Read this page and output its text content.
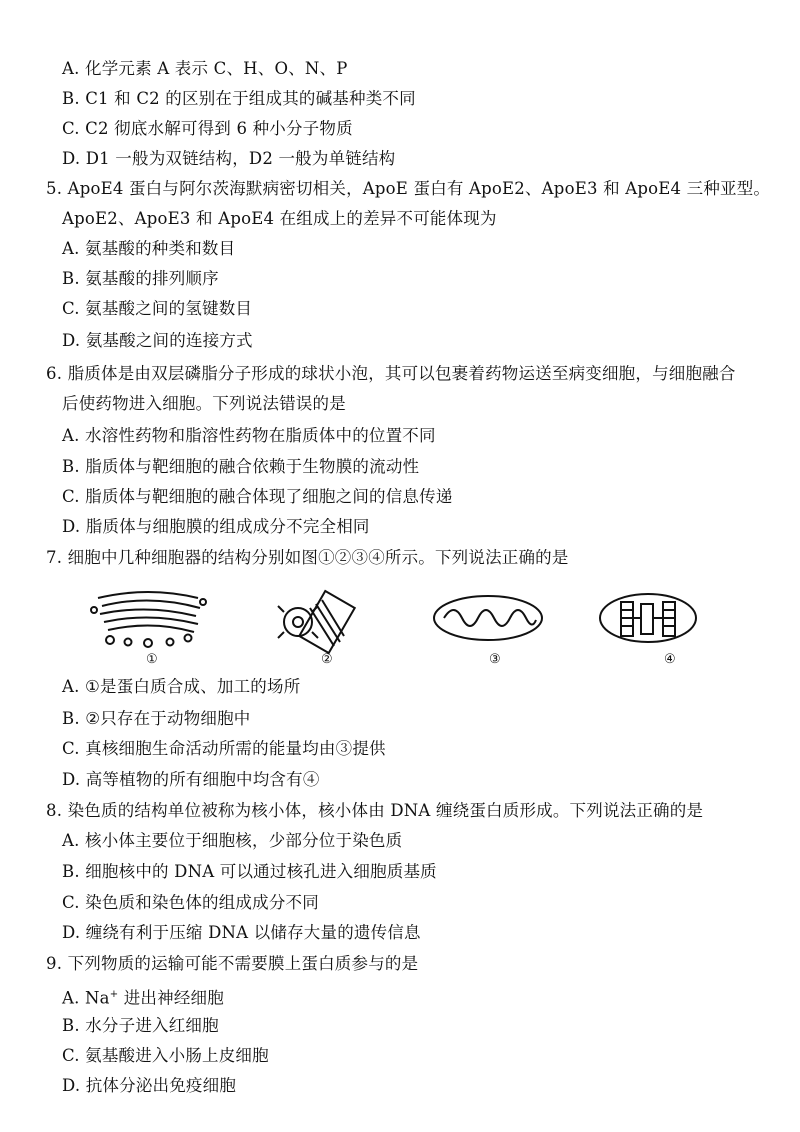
A. 化学元素 A 表示 C、H、O、N、P
B. C1 和 C2 的区别在于组成其的碱基种类不同
C. C2 彻底水解可得到 6 种小分子物质
D. D1 一般为双链结构，D2 一般为单链结构
5. ApoE4 蛋白与阿尔茨海默病密切相关，ApoE 蛋白有 ApoE2、ApoE3 和 ApoE4 三种亚型。
ApoE2、ApoE3 和 ApoE4 在组成上的差异不可能体现为
A. 氨基酸的种类和数目
B. 氨基酸的排列顺序
C. 氨基酸之间的氢键数目
D. 氨基酸之间的连接方式
6. 脂质体是由双层磷脂分子形成的球状小泡，其可以包裹着药物运送至病变细胞，与细胞融合
后使药物进入细胞。下列说法错误的是
A. 水溶性药物和脂溶性药物在脂质体中的位置不同
B. 脂质体与靶细胞的融合依赖于生物膜的流动性
C. 脂质体与靶细胞的融合体现了细胞之间的信息传递
D. 脂质体与细胞膜的组成成分不完全相同
7. 细胞中几种细胞器的结构分别如图①②③④所示。下列说法正确的是
①	②	③	④
A. ①是蛋白质合成、加工的场所
B. ②只存在于动物细胞中
C. 真核细胞生命活动所需的能量均由③提供
D. 高等植物的所有细胞中均含有④
8. 染色质的结构单位被称为核小体，核小体由 DNA 缠绕蛋白质形成。下列说法正确的是
A. 核小体主要位于细胞核，少部分位于染色质
B. 细胞核中的 DNA 可以通过核孔进入细胞质基质
C. 染色质和染色体的组成成分不同
D. 缠绕有利于压缩 DNA 以储存大量的遗传信息
9. 下列物质的运输可能不需要膜上蛋白质参与的是
A. Na+ 进出神经细胞
B. 水分子进入红细胞
C. 氨基酸进入小肠上皮细胞
D. 抗体分泌出免疫细胞
